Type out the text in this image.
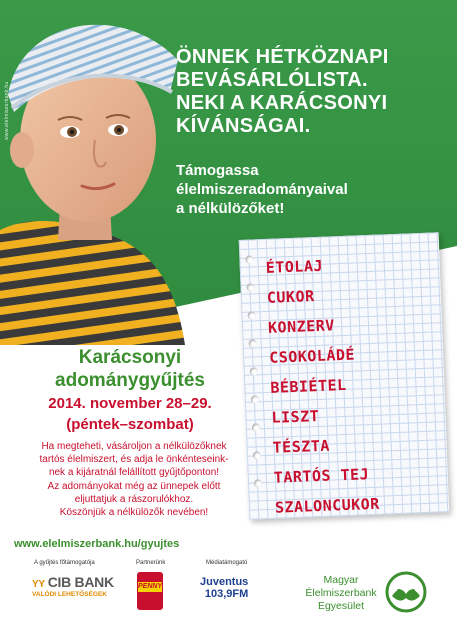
www.elelmiszerbank.hu
ÖNNEK HÉTKÖZNAPI
BEVÁSÁRLÓLISTA.
NEKI A KARÁCSONYI
KÍVÁNSÁGAI.
Támogassa
élelmiszeradományaival
a nélkülözőket!
ÉTOLAJ
CUKOR
KONZERV
CSOKOLÁDÉ
BÉBIÉTEL
LISZT
TÉSZTA
TARTÓS TEJ
SZALONCUKOR
Karácsonyi
adománygyűjtés
2014. november 28–29.
(péntek–szombat)
Ha megteheti, vásároljon a nélkülözőknek
tartós élelmiszert, és adja le önkénteseink-
nek a kijáratnál felállított gyűjtőponton!
Az adományokat még az ünnepek előtt
eljuttatjuk a rászorulókhoz.
Köszönjük a nélkülözők nevében!
www.elelmiszerbank.hu/gyujtes
A gyűjtés főtámogatója	Partnerünk	Médiatámogató
YY CIB BANK
VALÓDI LEHETŐSÉGEK
PENNY	Juventus
103,9FM
Magyar
Élelmiszerbank
Egyesület
